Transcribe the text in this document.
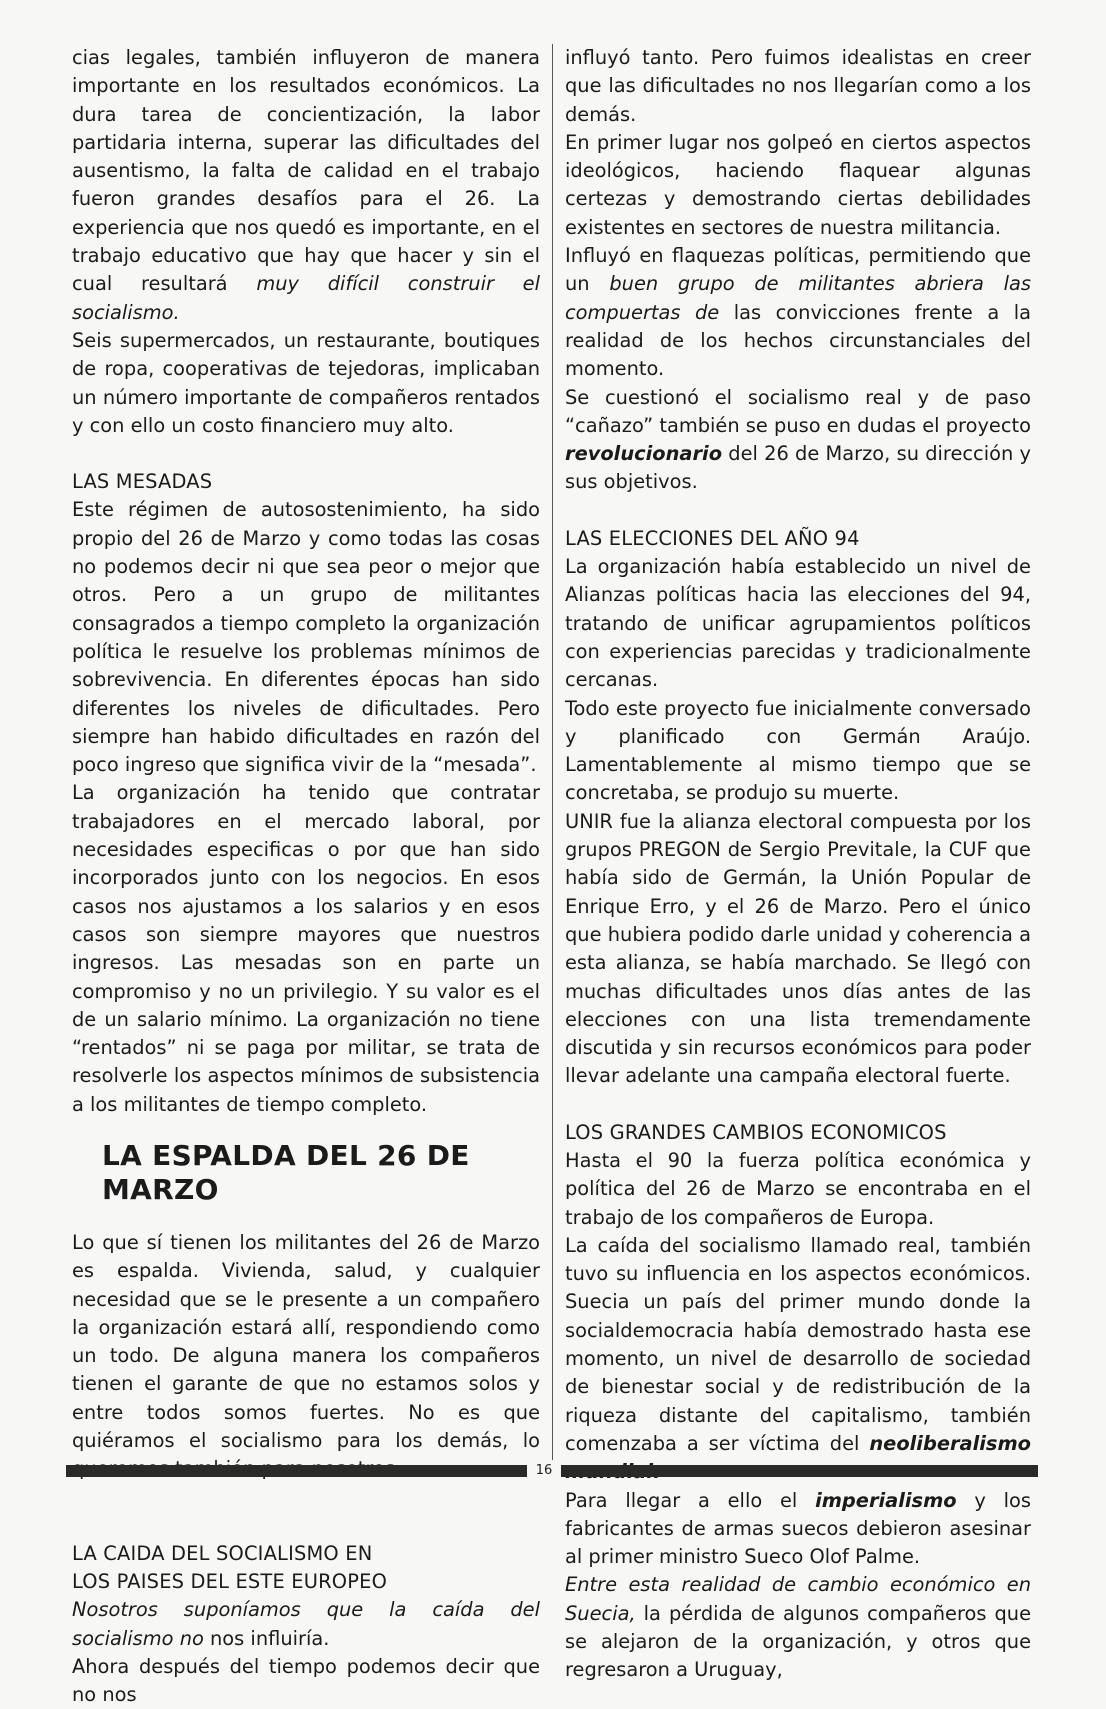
cias legales, también influyeron de manera importante en los resultados económicos. La dura tarea de concientización, la labor partidaria interna, superar las dificultades del ausentismo, la falta de calidad en el trabajo fueron grandes desafíos para el 26. La experiencia que nos quedó es importante, en el trabajo educativo que hay que hacer y sin el cual resultará muy difícil construir el socialismo.

Seis supermercados, un restaurante, boutiques de ropa, cooperativas de tejedoras, implicaban un número importante de compañeros rentados y con ello un costo financiero muy alto.

LAS MESADAS

Este régimen de autosostenimiento, ha sido propio del 26 de Marzo y como todas las cosas no podemos decir ni que sea peor o mejor que otros. Pero a un grupo de militantes consagrados a tiempo completo la organización política le resuelve los problemas mínimos de sobrevivencia. En diferentes épocas han sido diferentes los niveles de dificultades. Pero siempre han habido dificultades en razón del poco ingreso que significa vivir de la “mesada”.

La organización ha tenido que contratar trabajadores en el mercado laboral, por necesidades especificas o por que han sido incorporados junto con los negocios. En esos casos nos ajustamos a los salarios y en esos casos son siempre mayores que nuestros ingresos. Las mesadas son en parte un compromiso y no un privilegio. Y su valor es el de un salario mínimo. La organización no tiene “rentados” ni se paga por militar, se trata de resolverle los aspectos mínimos de subsistencia a los militantes de tiempo completo.

LA ESPALDA DEL 26 DE MARZO

Lo que sí tienen los militantes del 26 de Marzo es espalda. Vivienda, salud, y cualquier necesidad que se le presente a un compañero la organización estará allí, respondiendo como un todo. De alguna manera los compañeros tienen el garante de que no estamos solos y entre todos somos fuertes. No es que quiéramos el socialismo para los demás, lo

LA CAIDA DEL SOCIALISMO EN
LOS PAISES DEL ESTE EUROPEO

Nosotros suponíamos que la caída del socialismo no nos influiría.

Ahora después del tiempo podemos decir que no nos

influyó tanto. Pero fuimos idealistas en creer que las dificultades no nos llegarían como a los demás.

En primer lugar nos golpeó en ciertos aspectos ideológicos, haciendo flaquear algunas certezas y demostrando ciertas debilidades existentes en sectores de nuestra militancia.

Influyó en flaquezas políticas, permitiendo que un buen grupo de militantes abriera las compuertas de las convicciones frente a la realidad de los hechos circunstanciales del momento.

Se cuestionó el socialismo real y de paso “cañazo” también se puso en dudas el proyecto revolucionario del 26 de Marzo, su dirección y sus objetivos.

LAS ELECCIONES DEL AÑO 94

La organización había establecido un nivel de Alianzas políticas hacia las elecciones del 94, tratando de unificar agrupamientos políticos con experiencias parecidas y tradicionalmente cercanas.

Todo este proyecto fue inicialmente conversado y planificado con Germán Araújo. Lamentablemente al mismo tiempo que se concretaba, se produjo su muerte.

UNIR fue la alianza electoral compuesta por los grupos PREGON de Sergio Previtale, la CUF que había sido de Germán, la Unión Popular de Enrique Erro, y el 26 de Marzo. Pero el único que hubiera podido darle unidad y coherencia a esta alianza, se había marchado. Se llegó con muchas dificultades unos días antes de las elecciones con una lista tremendamente discutida y sin recursos económicos para poder llevar adelante una campaña electoral fuerte.

LOS GRANDES CAMBIOS ECONOMICOS

Hasta el 90 la fuerza política económica y política del 26 de Marzo se encontraba en el trabajo de los compañeros de Europa.

La caída del socialismo llamado real, también tuvo su influencia en los aspectos económicos. Suecia un país del primer mundo donde la socialdemocracia había demostrado hasta ese momento, un nivel de desarrollo de sociedad de bienestar social y de redistribución de la riqueza distante del capitalismo, también comenzaba a ser víctima del neoliberalismo

Para llegar a ello el imperialismo y los fabricantes de armas suecos debieron asesinar al primer ministro Sueco Olof Palme.

Entre esta realidad de cambio económico en Suecia, la pérdida de algunos compañeros que se alejaron de la organización, y otros que regresaron a Uruguay,

16
